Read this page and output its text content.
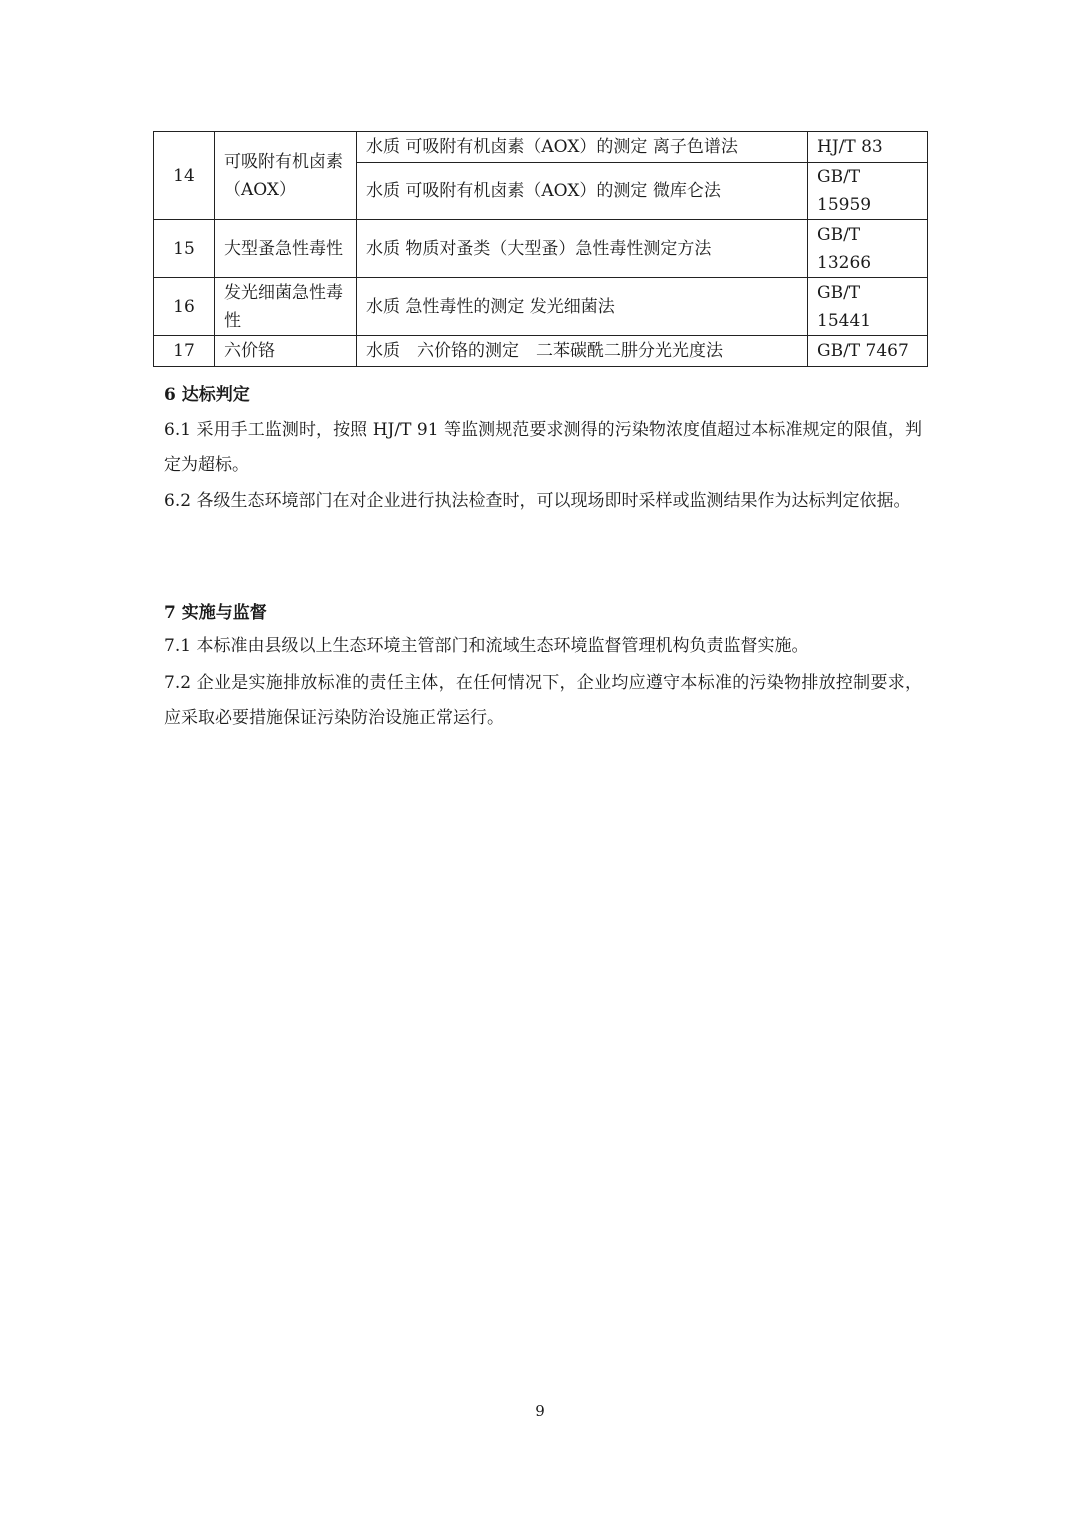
14	可吸附有机卤素（AOX）	水质 可吸附有机卤素（AOX）的测定 离子色谱法	HJ/T 83
		水质 可吸附有机卤素（AOX）的测定 微库仑法	GB/T 15959
15	大型蚤急性毒性	水质 物质对蚤类（大型蚤）急性毒性测定方法	GB/T 13266
16	发光细菌急性毒性	水质 急性毒性的测定 发光细菌法	GB/T 15441
17	六价铬	水质　六价铬的测定　二苯碳酰二肼分光光度法	GB/T 7467
6 达标判定
6.1 采用手工监测时，按照 HJ/T 91 等监测规范要求测得的污染物浓度值超过本标准规定的限值，判定为超标。
6.2 各级生态环境部门在对企业进行执法检查时，可以现场即时采样或监测结果作为达标判定依据。
7 实施与监督
7.1 本标准由县级以上生态环境主管部门和流域生态环境监督管理机构负责监督实施。
7.2 企业是实施排放标准的责任主体，在任何情况下，企业均应遵守本标准的污染物排放控制要求，应采取必要措施保证污染防治设施正常运行。
9
